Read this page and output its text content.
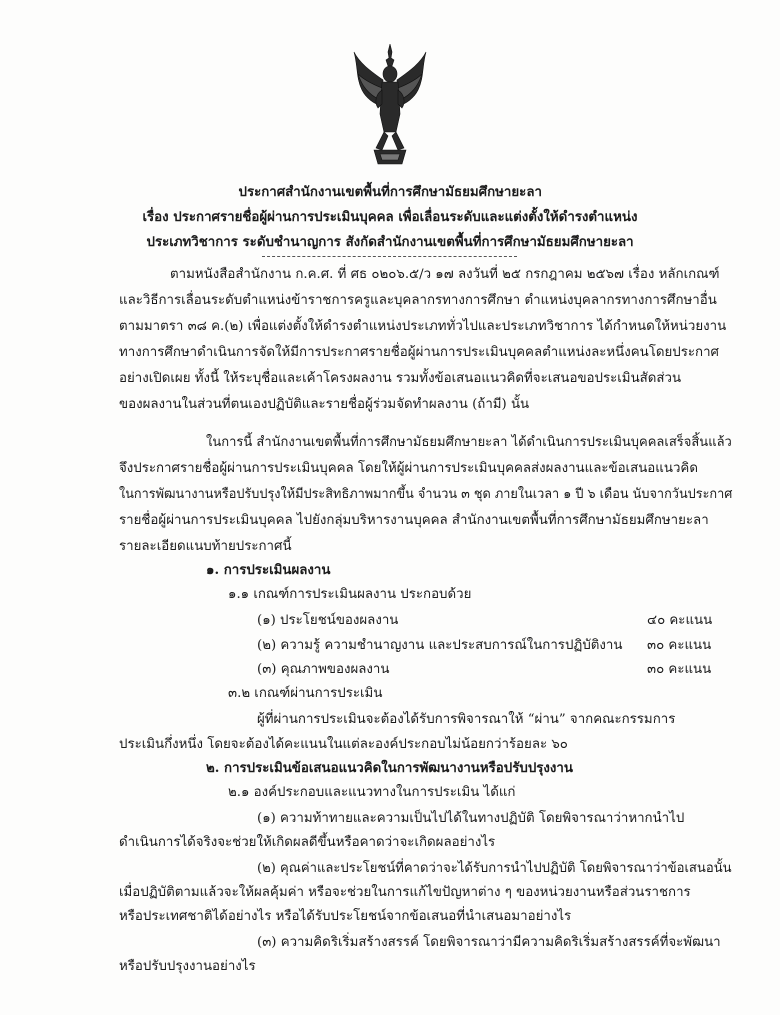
ประกาศสำนักงานเขตพื้นที่การศึกษามัธยมศึกษายะลา
เรื่อง ประกาศรายชื่อผู้ผ่านการประเมินบุคคล เพื่อเลื่อนระดับและแต่งตั้งให้ดำรงตำแหน่ง
ประเภทวิชาการ ระดับชำนาญการ สังกัดสำนักงานเขตพื้นที่การศึกษามัธยมศึกษายะลา
ตามหนังสือสำนักงาน ก.ค.ศ. ที่ ศธ ๐๒๐๖.๕/ว ๑๗ ลงวันที่ ๒๕ กรกฎาคม ๒๕๖๗ เรื่อง หลักเกณฑ์
และวิธีการเลื่อนระดับตำแหน่งข้าราชการครูและบุคลากรทางการศึกษา ตำแหน่งบุคลากรทางการศึกษาอื่น
ตามมาตรา ๓๘ ค.(๒) เพื่อแต่งตั้งให้ดำรงตำแหน่งประเภททั่วไปและประเภทวิชาการ ได้กำหนดให้หน่วยงาน
ทางการศึกษาดำเนินการจัดให้มีการประกาศรายชื่อผู้ผ่านการประเมินบุคคลตำแหน่งละหนึ่งคนโดยประกาศ
อย่างเปิดเผย ทั้งนี้ ให้ระบุชื่อและเค้าโครงผลงาน รวมทั้งข้อเสนอแนวคิดที่จะเสนอขอประเมินสัดส่วน
ของผลงานในส่วนที่ตนเองปฏิบัติและรายชื่อผู้ร่วมจัดทำผลงาน (ถ้ามี) นั้น
ในการนี้ สำนักงานเขตพื้นที่การศึกษามัธยมศึกษายะลา ได้ดำเนินการประเมินบุคคลเสร็จสิ้นแล้ว
จึงประกาศรายชื่อผู้ผ่านการประเมินบุคคล โดยให้ผู้ผ่านการประเมินบุคคลส่งผลงานและข้อเสนอแนวคิด
ในการพัฒนางานหรือปรับปรุงให้มีประสิทธิภาพมากขึ้น จำนวน ๓ ชุด ภายในเวลา ๑ ปี ๖ เดือน นับจากวันประกาศ
รายชื่อผู้ผ่านการประเมินบุคคล ไปยังกลุ่มบริหารงานบุคคล สำนักงานเขตพื้นที่การศึกษามัธยมศึกษายะลา
รายละเอียดแนบท้ายประกาศนี้
๑. การประเมินผลงาน
๑.๑ เกณฑ์การประเมินผลงาน ประกอบด้วย
(๑) ประโยชน์ของผลงาน	๔๐ คะแนน
(๒) ความรู้ ความชำนาญงาน และประสบการณ์ในการปฏิบัติงาน ๓๐ คะแนน
(๓) คุณภาพของผลงาน	๓๐ คะแนน
๓.๒ เกณฑ์ผ่านการประเมิน
ผู้ที่ผ่านการประเมินจะต้องได้รับการพิจารณาให้ “ผ่าน” จากคณะกรรมการ
ประเมินกึ่งหนึ่ง โดยจะต้องได้คะแนนในแต่ละองค์ประกอบไม่น้อยกว่าร้อยละ ๖๐
๒. การประเมินข้อเสนอแนวคิดในการพัฒนางานหรือปรับปรุงงาน
๒.๑ องค์ประกอบและแนวทางในการประเมิน ได้แก่
(๑) ความท้าทายและความเป็นไปได้ในทางปฏิบัติ โดยพิจารณาว่าหากนำไป
ดำเนินการได้จริงจะช่วยให้เกิดผลดีขึ้นหรือคาดว่าจะเกิดผลอย่างไร
(๒) คุณค่าและประโยชน์ที่คาดว่าจะได้รับการนำไปปฏิบัติ โดยพิจารณาว่าข้อเสนอนั้น
เมื่อปฏิบัติตามแล้วจะให้ผลคุ้มค่า หรือจะช่วยในการแก้ไขปัญหาต่าง ๆ ของหน่วยงานหรือส่วนราชการ
หรือประเทศชาติได้อย่างไร หรือได้รับประโยชน์จากข้อเสนอที่นำเสนอมาอย่างไร
(๓) ความคิดริเริ่มสร้างสรรค์ โดยพิจารณาว่ามีความคิดริเริ่มสร้างสรรค์ที่จะพัฒนา
หรือปรับปรุงงานอย่างไร
